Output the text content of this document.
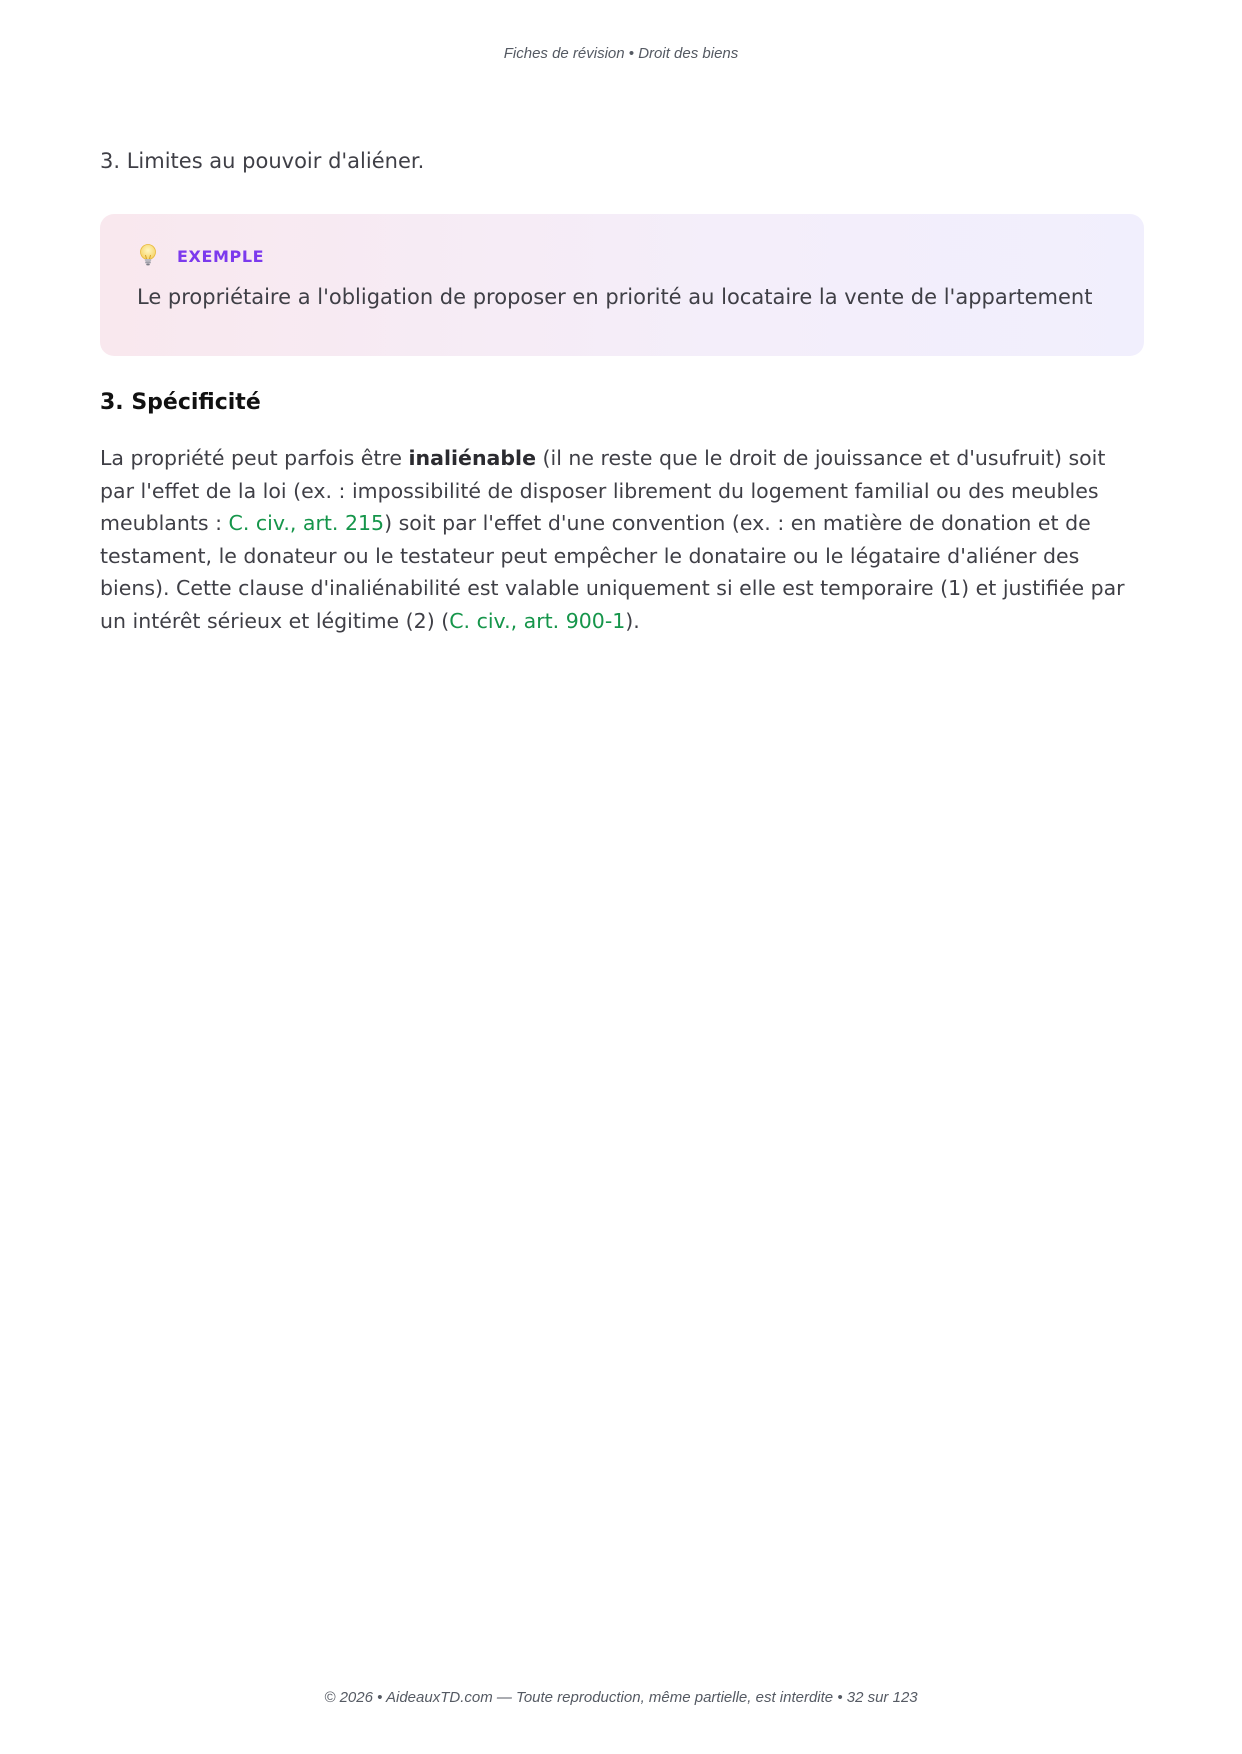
Fiches de révision • Droit des biens

3. Limites au pouvoir d'aliéner.

EXEMPLE

Le propriétaire a l'obligation de proposer en priorité au locataire la vente de l'appartement

3. Spécificité

La propriété peut parfois être inaliénable (il ne reste que le droit de jouissance et d'usufruit) soit par l'effet de la loi (ex. : impossibilité de disposer librement du logement familial ou des meubles meublants : C. civ., art. 215) soit par l'effet d'une convention (ex. : en matière de donation et de testament, le donateur ou le testateur peut empêcher le donataire ou le légataire d'aliéner des biens). Cette clause d'inaliénabilité est valable uniquement si elle est temporaire (1) et justifiée par un intérêt sérieux et légitime (2) (C. civ., art. 900-1).

© 2026 • AideauxTD.com — Toute reproduction, même partielle, est interdite • 32 sur 123
